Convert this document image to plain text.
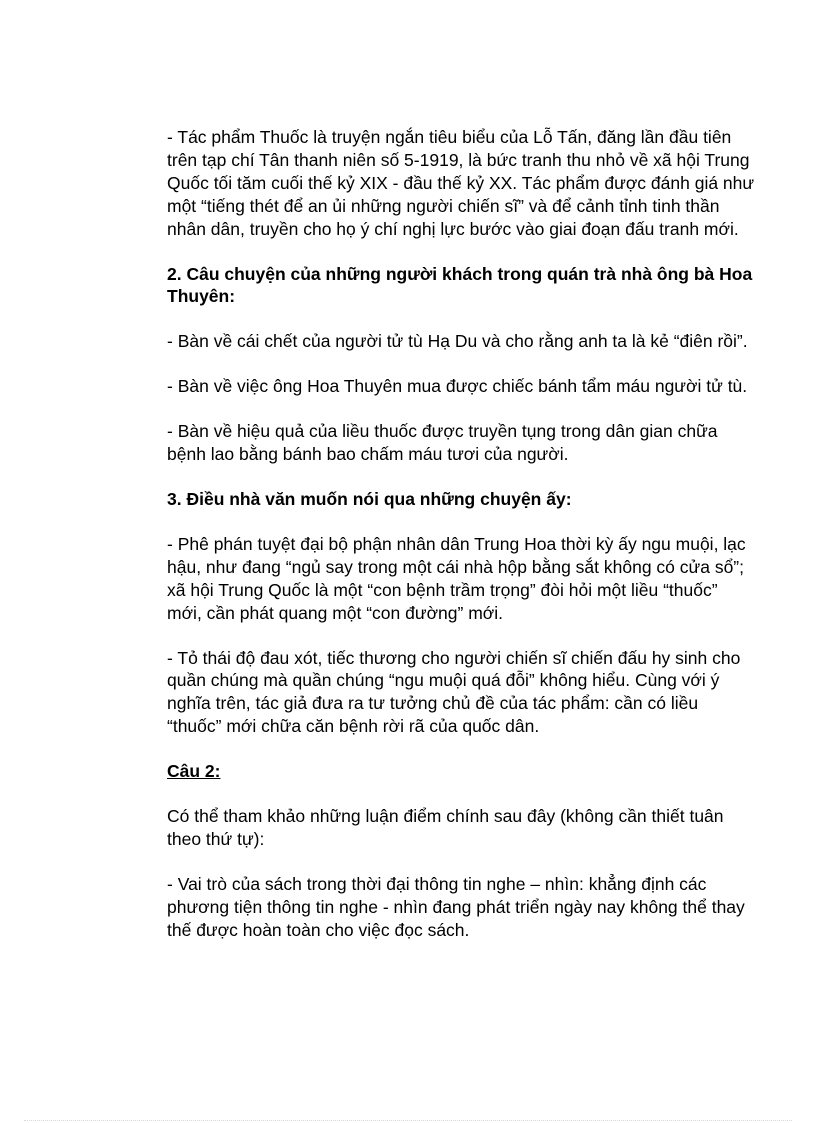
- Tác phẩm Thuốc là truyện ngắn tiêu biểu của Lỗ Tấn, đăng lần đầu tiên trên tạp chí Tân thanh niên số 5-1919, là bức tranh thu nhỏ về xã hội Trung Quốc tối tăm cuối thế kỷ XIX - đầu thế kỷ XX. Tác phẩm được đánh giá như một “tiếng thét để an ủi những người chiến sĩ” và để cảnh tỉnh tinh thần nhân dân, truyền cho họ ý chí nghị lực bước vào giai đoạn đấu tranh mới.

2. Câu chuyện của những người khách trong quán trà nhà ông bà Hoa Thuyên:

- Bàn về cái chết của người tử tù Hạ Du và cho rằng anh ta là kẻ “điên rồi”.

- Bàn về việc ông Hoa Thuyên mua được chiếc bánh tẩm máu người tử tù.

- Bàn về hiệu quả của liều thuốc được truyền tụng trong dân gian chữa bệnh lao bằng bánh bao chấm máu tươi của người.

3. Điều nhà văn muốn nói qua những chuyện ấy:

- Phê phán tuyệt đại bộ phận nhân dân Trung Hoa thời kỳ ấy ngu muội, lạc hậu, như đang “ngủ say trong một cái nhà hộp bằng sắt không có cửa sổ”; xã hội Trung Quốc là một “con bệnh trầm trọng” đòi hỏi một liều “thuốc” mới, cần phát quang một “con đường” mới.

- Tỏ thái độ đau xót, tiếc thương cho người chiến sĩ chiến đấu hy sinh cho quần chúng mà quần chúng “ngu muội quá đỗi” không hiểu. Cùng với ý nghĩa trên, tác giả đưa ra tư tưởng chủ đề của tác phẩm: cần có liều “thuốc” mới chữa căn bệnh rời rã của quốc dân.

Câu 2:

Có thể tham khảo những luận điểm chính sau đây (không cần thiết tuân theo thứ tự):

- Vai trò của sách trong thời đại thông tin nghe – nhìn: khẳng định các phương tiện thông tin nghe - nhìn đang phát triển ngày nay không thể thay thế được hoàn toàn cho việc đọc sách.
